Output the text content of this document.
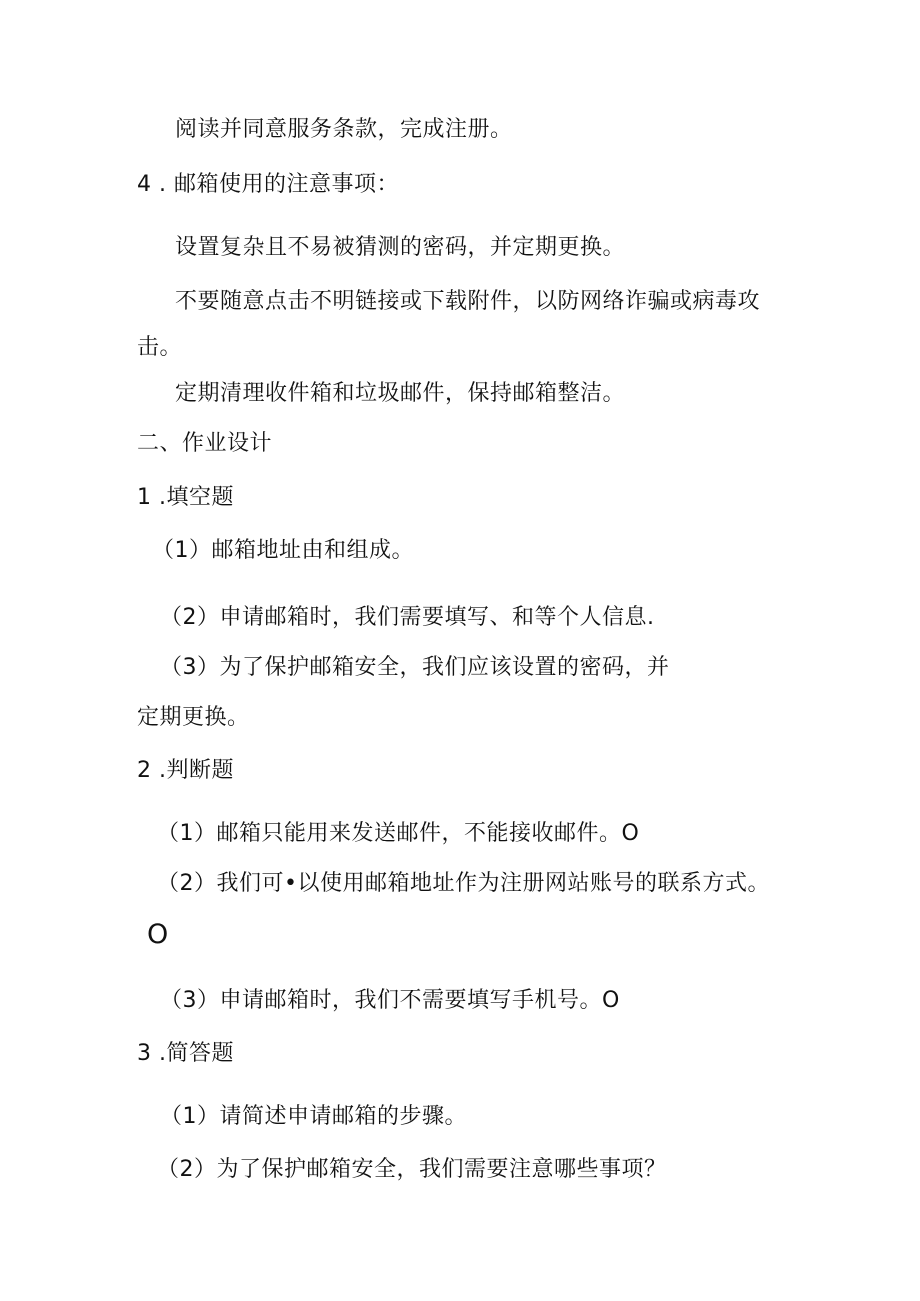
阅读并同意服务条款，完成注册。
4 . 邮箱使用的注意事项：
设置复杂且不易被猜测的密码，并定期更换。
不要随意点击不明链接或下载附件，以防网络诈骗或病毒攻
击。
定期清理收件箱和垃圾邮件，保持邮箱整洁。
二、作业设计
1 .填空题
（1）邮箱地址由和组成。
（2）申请邮箱时，我们需要填写、和等个人信息.
（3）为了保护邮箱安全，我们应该设置的密码，并
定期更换。
2 .判断题
（1）邮箱只能用来发送邮件，不能接收邮件。O
（2）我们可•以使用邮箱地址作为注册网站账号的联系方式。
O
（3）申请邮箱时，我们不需要填写手机号。O
3 .简答题
（1）请简述申请邮箱的步骤。
（2）为了保护邮箱安全，我们需要注意哪些事项？
